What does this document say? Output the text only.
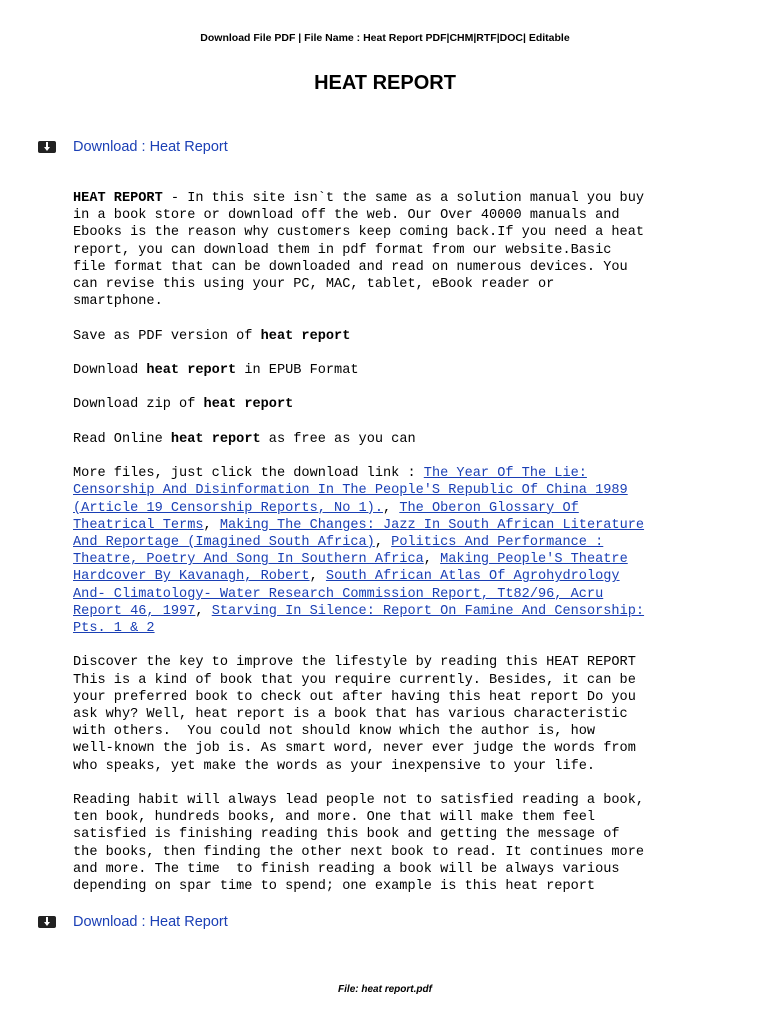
Download File PDF | File Name : Heat Report PDF|CHM|RTF|DOC| Editable
HEAT REPORT
Download : Heat Report

HEAT REPORT - In this site isn`t the same as a solution manual you buy
in a book store or download off the web. Our Over 40000 manuals and
Ebooks is the reason why customers keep coming back.If you need a heat
report, you can download them in pdf format from our website.Basic
file format that can be downloaded and read on numerous devices. You
can revise this using your PC, MAC, tablet, eBook reader or
smartphone.

Save as PDF version of heat report

Download heat report in EPUB Format

Download zip of heat report

Read Online heat report as free as you can

More files, just click the download link : The Year Of The Lie:
Censorship And Disinformation In The People'S Republic Of China 1989
(Article 19 Censorship Reports, No 1)., The Oberon Glossary Of
Theatrical Terms, Making The Changes: Jazz In South African Literature
And Reportage (Imagined South Africa), Politics And Performance :
Theatre, Poetry And Song In Southern Africa, Making People'S Theatre
Hardcover By Kavanagh, Robert, South African Atlas Of Agrohydrology
And- Climatology- Water Research Commission Report, Tt82/96, Acru
Report 46, 1997, Starving In Silence: Report On Famine And Censorship:
Pts. 1 & 2

Discover the key to improve the lifestyle by reading this HEAT REPORT
This is a kind of book that you require currently. Besides, it can be
your preferred book to check out after having this heat report Do you
ask why? Well, heat report is a book that has various characteristic
with others.  You could not should know which the author is, how
well-known the job is. As smart word, never ever judge the words from
who speaks, yet make the words as your inexpensive to your life.

Reading habit will always lead people not to satisfied reading a book,
ten book, hundreds books, and more. One that will make them feel
satisfied is finishing reading this book and getting the message of
the books, then finding the other next book to read. It continues more
and more. The time  to finish reading a book will be always various
depending on spar time to spend; one example is this heat report

Download : Heat Report
File: heat report.pdf
